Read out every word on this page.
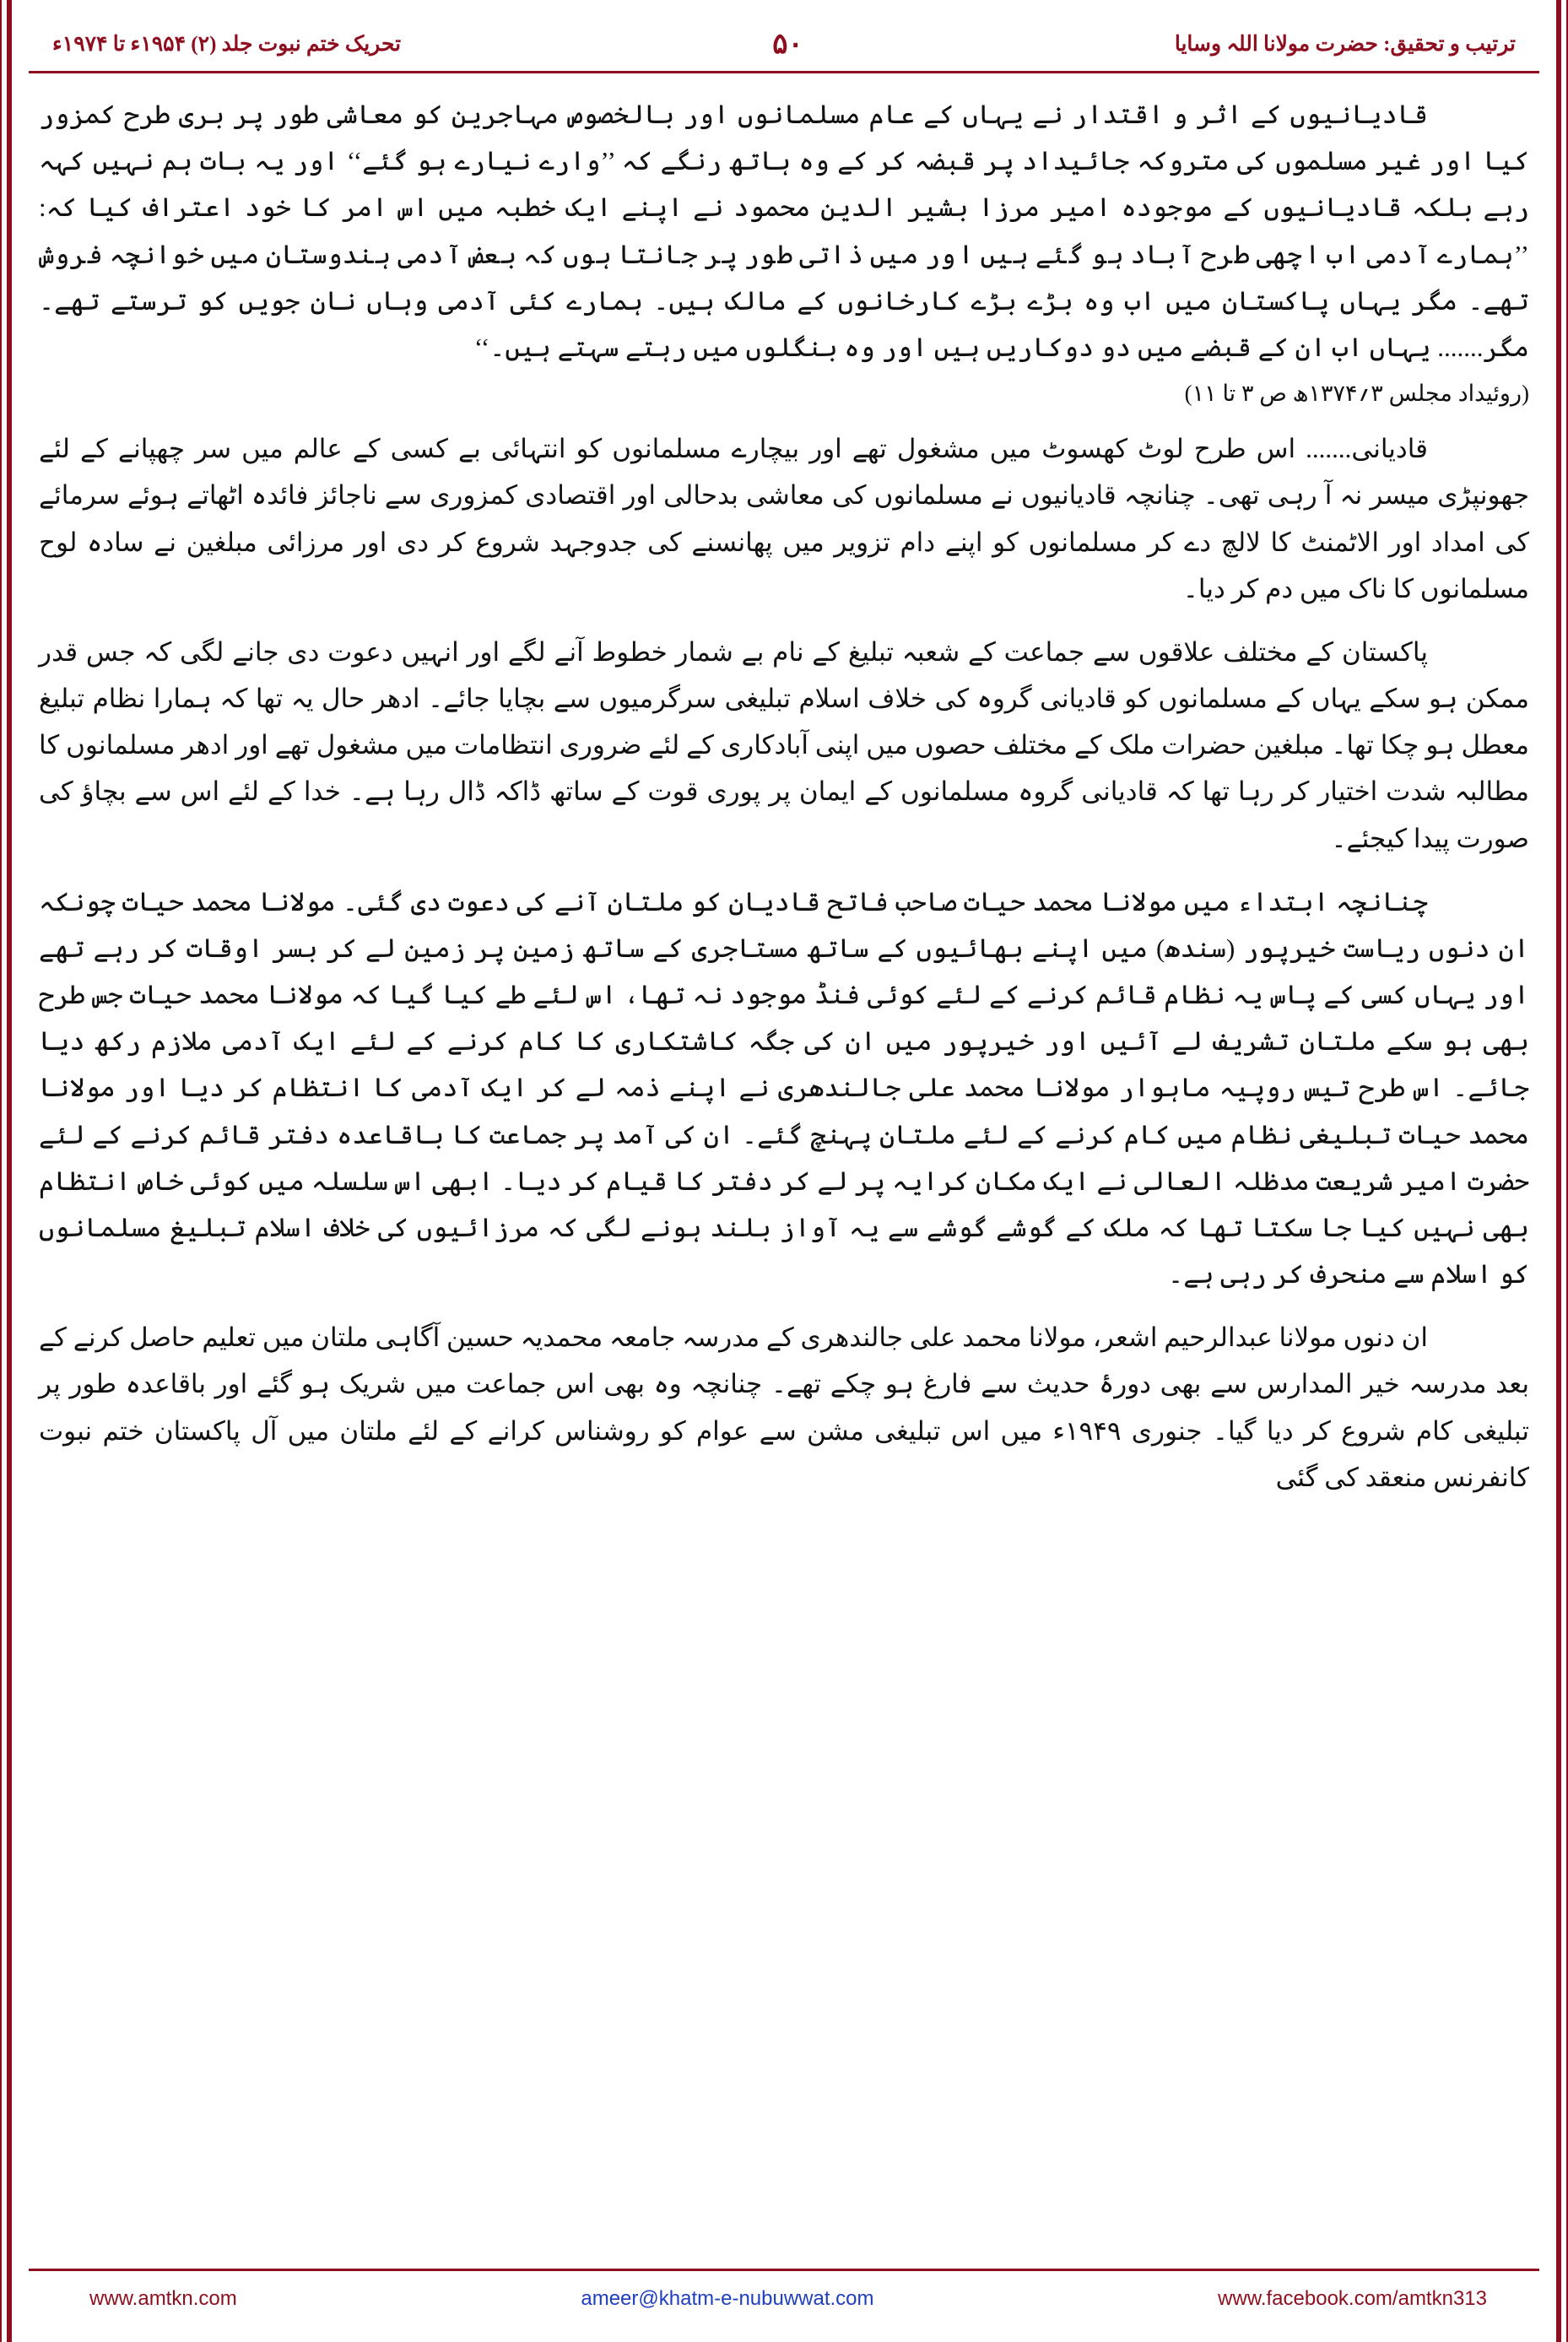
ترتیب و تحقیق: حضرت مولانا اللہ وسایا
۵۰
تحریک ختم نبوت جلد (۲) ۱۹۵۴ء تا ۱۹۷۴ء

قادیانیوں کے اثر و اقتدار نے یہاں کے عام مسلمانوں اور بالخصوص مہاجرین کو معاشی طور پر بری طرح کمزور کیا اور غیر مسلموں کی متروکہ جائیداد پر قبضہ کر کے وہ ہاتھ رنگے کہ ’’وارے نیارے ہو گئے‘‘ اور یہ بات ہم نہیں کہہ رہے بلکہ قادیانیوں کے موجودہ امیر مرزا بشیر الدین محمود نے اپنے ایک خطبہ میں اس امر کا خود اعتراف کیا کہ: ’’ہمارے آدمی اب اچھی طرح آباد ہو گئے ہیں اور میں ذاتی طور پر جانتا ہوں کہ بعض آدمی ہندوستان میں خوانچہ فروش تھے۔ مگر یہاں پاکستان میں اب وہ بڑے بڑے کارخانوں کے مالک ہیں۔ ہمارے کئی آدمی وہاں نان جویں کو ترستے تھے۔ مگر....... یہاں اب ان کے قبضے میں دو دوکاریں ہیں اور وہ بنگلوں میں رہتے سہتے ہیں۔‘‘

(روئیداد مجلس ۳؍۱۳۷۴ھ ص ۳ تا ۱۱)

قادیانی....... اس طرح لوٹ کھسوٹ میں مشغول تھے اور بیچارے مسلمانوں کو انتہائی بے کسی کے عالم میں سر چھپانے کے لئے جھونپڑی میسر نہ آ رہی تھی۔ چنانچہ قادیانیوں نے مسلمانوں کی معاشی بدحالی اور اقتصادی کمزوری سے ناجائز فائدہ اٹھاتے ہوئے سرمائے کی امداد اور الاٹمنٹ کا لالچ دے کر مسلمانوں کو اپنے دام تزویر میں پھانسنے کی جدوجہد شروع کر دی اور مرزائی مبلغین نے سادہ لوح مسلمانوں کا ناک میں دم کر دیا۔

پاکستان کے مختلف علاقوں سے جماعت کے شعبہ تبلیغ کے نام بے شمار خطوط آنے لگے اور انہیں دعوت دی جانے لگی کہ جس قدر ممکن ہو سکے یہاں کے مسلمانوں کو قادیانی گروہ کی خلاف اسلام تبلیغی سرگرمیوں سے بچایا جائے۔ ادھر حال یہ تھا کہ ہمارا نظام تبلیغ معطل ہو چکا تھا۔ مبلغین حضرات ملک کے مختلف حصوں میں اپنی آبادکاری کے لئے ضروری انتظامات میں مشغول تھے اور ادھر مسلمانوں کا مطالبہ شدت اختیار کر رہا تھا کہ قادیانی گروہ مسلمانوں کے ایمان پر پوری قوت کے ساتھ ڈاکہ ڈال رہا ہے۔ خدا کے لئے اس سے بچاؤ کی صورت پیدا کیجئے۔

چنانچہ ابتداء میں مولانا محمد حیات صاحب فاتح قادیان کو ملتان آنے کی دعوت دی گئی۔ مولانا محمد حیات چونکہ ان دنوں ریاست خیرپور (سندھ) میں اپنے بھائیوں کے ساتھ مستاجری کے ساتھ زمین پر زمین لے کر بسر اوقات کر رہے تھے اور یہاں کسی کے پاس یہ نظام قائم کرنے کے لئے کوئی فنڈ موجود نہ تھا، اس لئے طے کیا گیا کہ مولانا محمد حیات جس طرح بھی ہو سکے ملتان تشریف لے آئیں اور خیرپور میں ان کی جگہ کاشتکاری کا کام کرنے کے لئے ایک آدمی ملازم رکھ دیا جائے۔ اس طرح تیس روپیہ ماہوار مولانا محمد علی جالندھری نے اپنے ذمہ لے کر ایک آدمی کا انتظام کر دیا اور مولانا محمد حیات تبلیغی نظام میں کام کرنے کے لئے ملتان پہنچ گئے۔ ان کی آمد پر جماعت کا باقاعدہ دفتر قائم کرنے کے لئے حضرت امیر شریعت مدظلہ العالی نے ایک مکان کرایہ پر لے کر دفتر کا قیام کر دیا۔ ابھی اس سلسلہ میں کوئی خاص انتظام بھی نہیں کیا جا سکتا تھا کہ ملک کے گوشے گوشے سے یہ آواز بلند ہونے لگی کہ مرزائیوں کی خلاف اسلام تبلیغ مسلمانوں کو اسلام سے منحرف کر رہی ہے۔

ان دنوں مولانا عبدالرحیم اشعر، مولانا محمد علی جالندھری کے مدرسہ جامعہ محمدیہ حسین آگاہی ملتان میں تعلیم حاصل کرنے کے بعد مدرسہ خیر المدارس سے بھی دورۂ حدیث سے فارغ ہو چکے تھے۔ چنانچہ وہ بھی اس جماعت میں شریک ہو گئے اور باقاعدہ طور پر تبلیغی کام شروع کر دیا گیا۔ جنوری ۱۹۴۹ء میں اس تبلیغی مشن سے عوام کو روشناس کرانے کے لئے ملتان میں آل پاکستان ختم نبوت کانفرنس منعقد کی گئی

www.amtkn.com	ameer@khatm-e-nubuwwat.com	www.facebook.com/amtkn313
